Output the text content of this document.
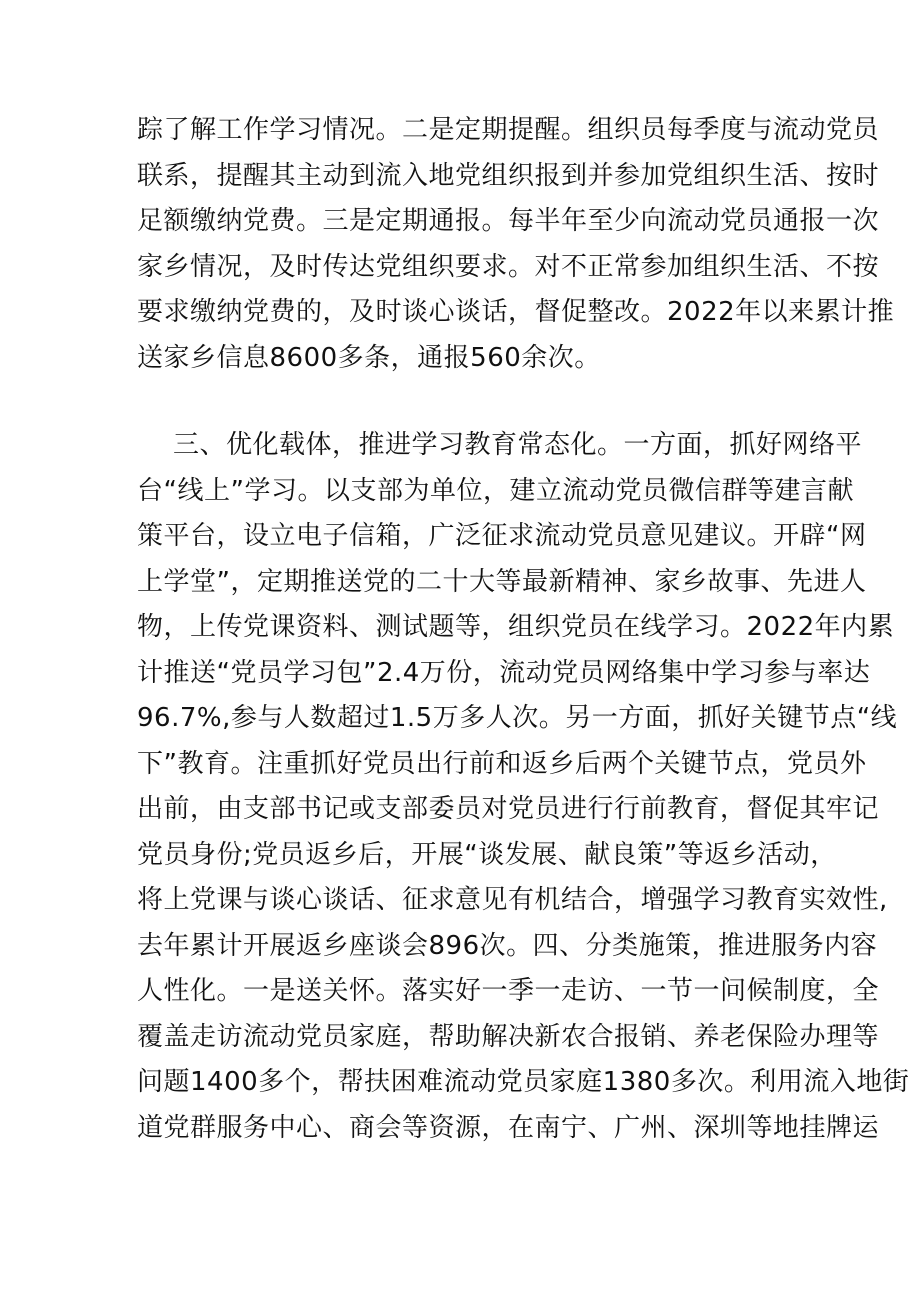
踪了解工作学习情况。二是定期提醒。组织员每季度与流动党员
联系，提醒其主动到流入地党组织报到并参加党组织生活、按时
足额缴纳党费。三是定期通报。每半年至少向流动党员通报一次
家乡情况，及时传达党组织要求。对不正常参加组织生活、不按
要求缴纳党费的，及时谈心谈话，督促整改。2022年以来累计推
送家乡信息8600多条，通报560余次。
三、优化载体，推进学习教育常态化。一方面，抓好网络平
台“线上”学习。以支部为单位，建立流动党员微信群等建言献
策平台，设立电子信箱，广泛征求流动党员意见建议。开辟“网
上学堂”，定期推送党的二十大等最新精神、家乡故事、先进人
物，上传党课资料、测试题等，组织党员在线学习。2022年内累
计推送“党员学习包”2.4万份，流动党员网络集中学习参与率达
96.7%,参与人数超过1.5万多人次。另一方面，抓好关键节点“线
下”教育。注重抓好党员出行前和返乡后两个关键节点，党员外
出前，由支部书记或支部委员对党员进行行前教育，督促其牢记
党员身份;党员返乡后，开展“谈发展、献良策”等返乡活动，
将上党课与谈心谈话、征求意见有机结合，增强学习教育实效性,
去年累计开展返乡座谈会896次。四、分类施策，推进服务内容
人性化。一是送关怀。落实好一季一走访、一节一问候制度，全
覆盖走访流动党员家庭，帮助解决新农合报销、养老保险办理等
问题1400多个，帮扶困难流动党员家庭1380多次。利用流入地街
道党群服务中心、商会等资源，在南宁、广州、深圳等地挂牌运
